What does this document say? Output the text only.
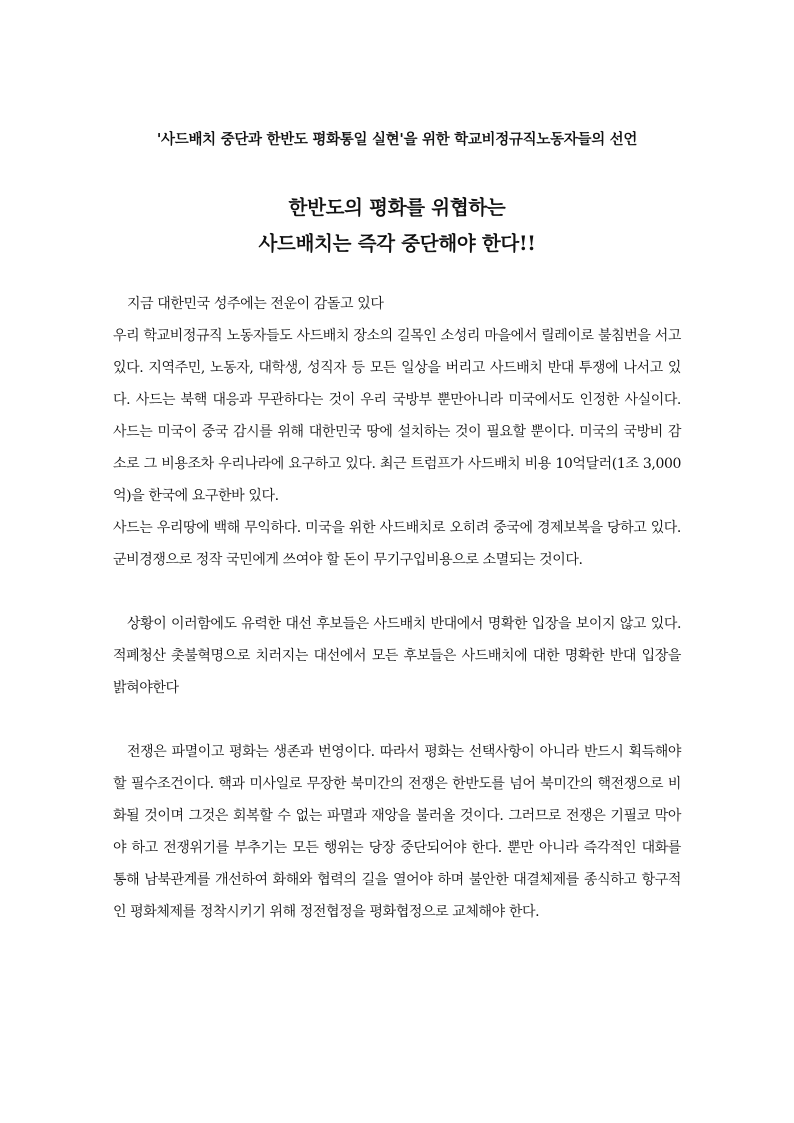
'사드배치 중단과 한반도 평화통일 실현'을 위한 학교비정규직노동자들의 선언

한반도의 평화를 위협하는
사드배치는 즉각 중단해야 한다!!

지금 대한민국 성주에는 전운이 감돌고 있다

우리 학교비정규직 노동자들도 사드배치 장소의 길목인 소성리 마을에서 릴레이로 불침번을 서고 있다. 지역주민, 노동자, 대학생, 성직자 등 모든 일상을 버리고 사드배치 반대 투쟁에 나서고 있다. 사드는 북핵 대응과 무관하다는 것이 우리 국방부 뿐만아니라 미국에서도 인정한 사실이다. 사드는 미국이 중국 감시를 위해 대한민국 땅에 설치하는 것이 필요할 뿐이다. 미국의 국방비 감소로 그 비용조차 우리나라에 요구하고 있다. 최근 트럼프가 사드배치 비용 10억달러(1조 3,000억)을 한국에 요구한바 있다.

사드는 우리땅에 백해 무익하다. 미국을 위한 사드배치로 오히려 중국에 경제보복을 당하고 있다. 군비경쟁으로 정작 국민에게 쓰여야 할 돈이 무기구입비용으로 소멸되는 것이다.

상황이 이러함에도 유력한 대선 후보들은 사드배치 반대에서 명확한 입장을 보이지 않고 있다. 적폐청산 촛불혁명으로 치러지는 대선에서 모든 후보들은 사드배치에 대한 명확한 반대 입장을 밝혀야한다

전쟁은 파멸이고 평화는 생존과 번영이다. 따라서 평화는 선택사항이 아니라 반드시 획득해야 할 필수조건이다. 핵과 미사일로 무장한 북미간의 전쟁은 한반도를 넘어 북미간의 핵전쟁으로 비화될 것이며 그것은 회복할 수 없는 파멸과 재앙을 불러올 것이다. 그러므로 전쟁은 기필코 막아야 하고 전쟁위기를 부추기는 모든 행위는 당장 중단되어야 한다. 뿐만 아니라 즉각적인 대화를 통해 남북관계를 개선하여 화해와 협력의 길을 열어야 하며 불안한 대결체제를 종식하고 항구적인 평화체제를 정착시키기 위해 정전협정을 평화협정으로 교체해야 한다.
